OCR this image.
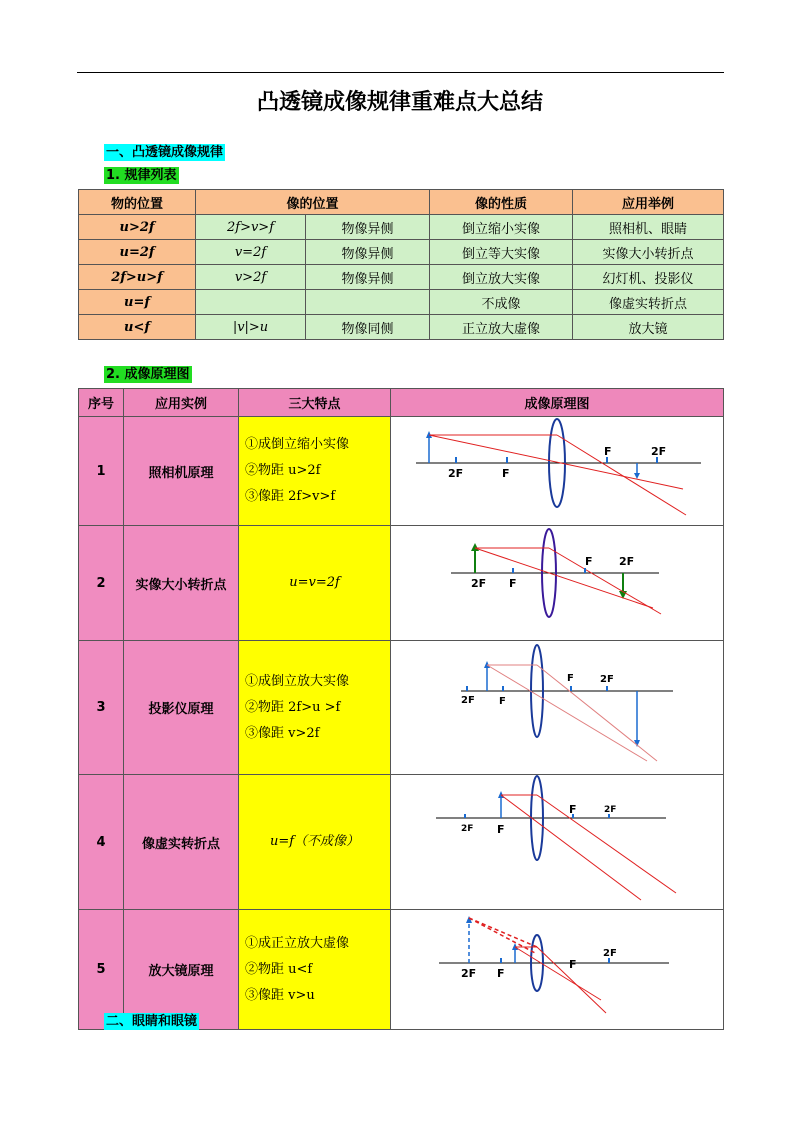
凸透镜成像规律重难点大总结
一、凸透镜成像规律
1. 规律列表
物的位置	像的位置		像的性质	应用举例
u>2f	2f>v>f	物像异侧	倒立缩小实像	照相机、眼睛
u=2f	v=2f	物像异侧	倒立等大实像	实像大小转折点
2f>u>f	v>2f	物像异侧	倒立放大实像	幻灯机、投影仪
u=f			不成像	像虚实转折点
u<f	|v|>u	物像同侧	正立放大虚像	放大镜
2. 成像原理图
序号	应用实例	三大特点	成像原理图
1	照相机原理	①成倒立缩小实像
②物距 u>2f
③像距 2f>v>f	2F F
F 2F

2	实像大小转折点	u=v=2f	2F F
F 2F

3	投影仪原理	①成倒立放大实像
②物距 2f>u >f
③像距 v>2f	2F F
F 2F

4	像虚实转折点	u=f（不成像）	2F F
F 2F

5	放大镜原理	①成正立放大虚像
②物距 u<f
③像距 v>u	2F F
F
2F
二、眼睛和眼镜
